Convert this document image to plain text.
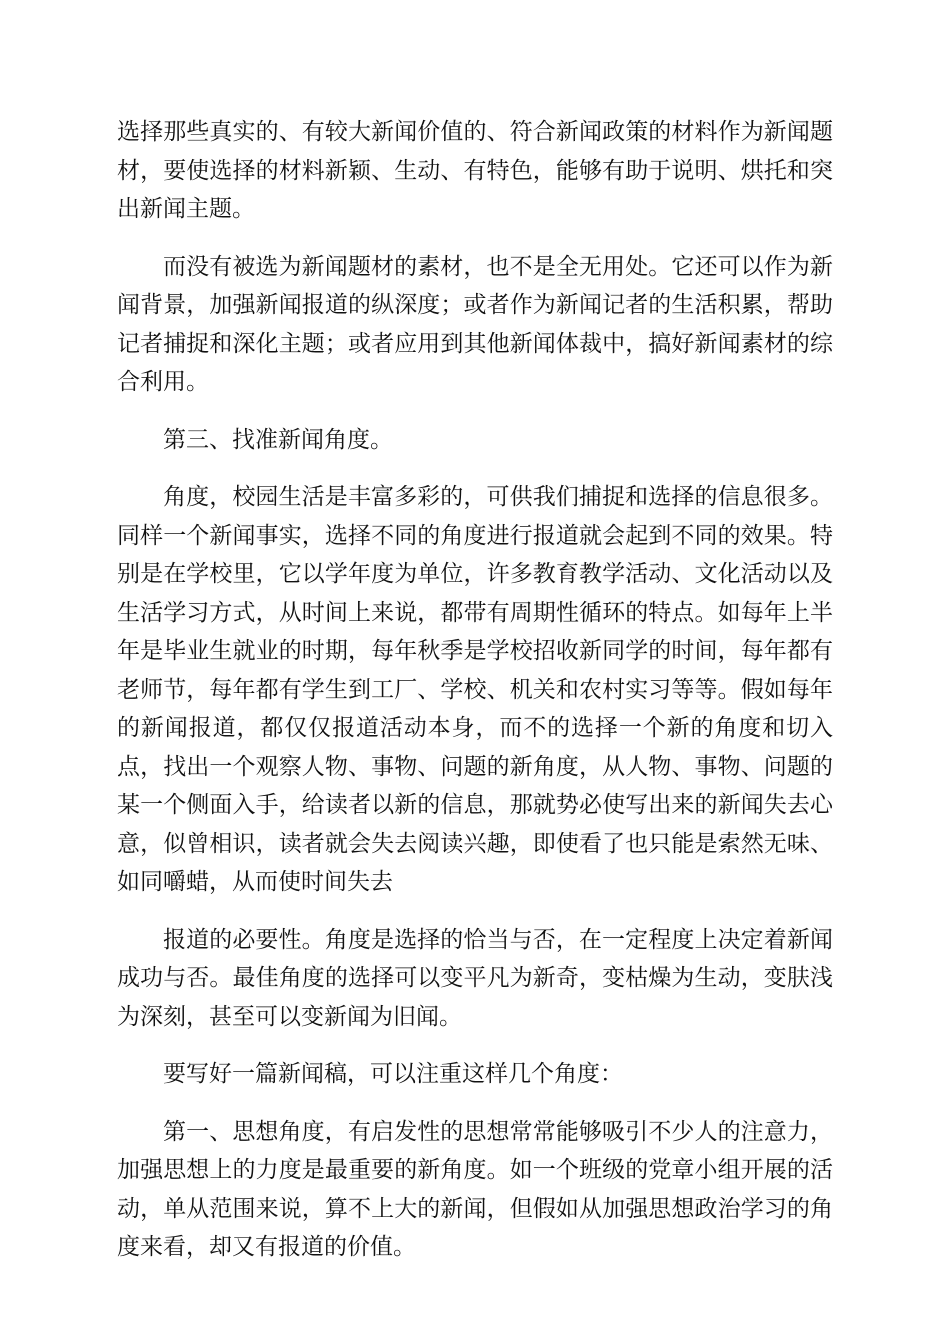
选择那些真实的、有较大新闻价值的、符合新闻政策的材料作为新闻题材，要使选择的材料新颖、生动、有特色，能够有助于说明、烘托和突出新闻主题。

而没有被选为新闻题材的素材，也不是全无用处。它还可以作为新闻背景，加强新闻报道的纵深度；或者作为新闻记者的生活积累，帮助记者捕捉和深化主题；或者应用到其他新闻体裁中，搞好新闻素材的综合利用。

第三、找准新闻角度。

角度，校园生活是丰富多彩的，可供我们捕捉和选择的信息很多。同样一个新闻事实，选择不同的角度进行报道就会起到不同的效果。特别是在学校里，它以学年度为单位，许多教育教学活动、文化活动以及生活学习方式，从时间上来说，都带有周期性循环的特点。如每年上半年是毕业生就业的时期，每年秋季是学校招收新同学的时间，每年都有老师节，每年都有学生到工厂、学校、机关和农村实习等等。假如每年的新闻报道，都仅仅报道活动本身，而不的选择一个新的角度和切入点，找出一个观察人物、事物、问题的新角度，从人物、事物、问题的某一个侧面入手，给读者以新的信息，那就势必使写出来的新闻失去心意，似曾相识，读者就会失去阅读兴趣，即使看了也只能是索然无味、如同嚼蜡，从而使时间失去

报道的必要性。角度是选择的恰当与否，在一定程度上决定着新闻成功与否。最佳角度的选择可以变平凡为新奇，变枯燥为生动，变肤浅为深刻，甚至可以变新闻为旧闻。

要写好一篇新闻稿，可以注重这样几个角度：

第一、思想角度，有启发性的思想常常能够吸引不少人的注意力，加强思想上的力度是最重要的新角度。如一个班级的党章小组开展的活动，单从范围来说，算不上大的新闻，但假如从加强思想政治学习的角度来看，却又有报道的价值。
